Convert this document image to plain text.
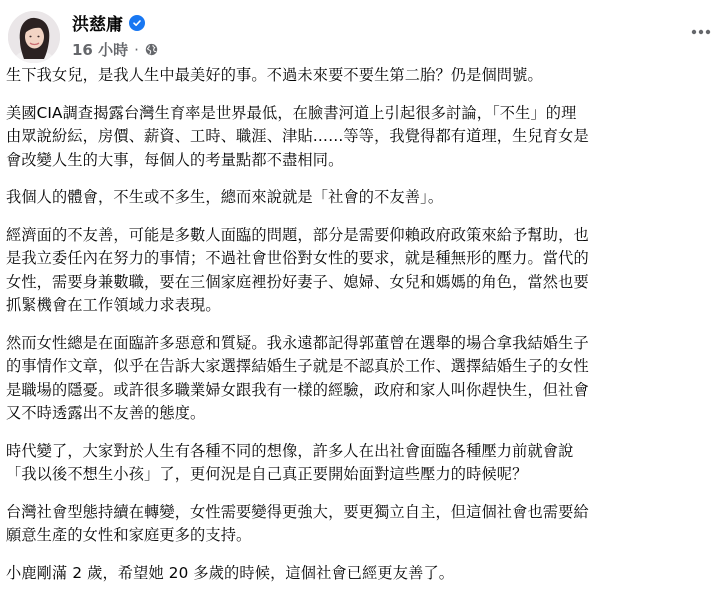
洪慈庸
16 小時 ·

生下我女兒，是我人生中最美好的事。不過未來要不要生第二胎？仍是個問號。

美國CIA調查揭露台灣生育率是世界最低，在臉書河道上引起很多討論，「不生」的理
由眾說紛紜，房價、薪資、工時、職涯、津貼……等等，我覺得都有道理，生兒育女是
會改變人生的大事，每個人的考量點都不盡相同。

我個人的體會，不生或不多生，總而來說就是「社會的不友善」。

經濟面的不友善，可能是多數人面臨的問題，部分是需要仰賴政府政策來給予幫助，也
是我立委任內在努力的事情；不過社會世俗對女性的要求，就是種無形的壓力。當代的
女性，需要身兼數職，要在三個家庭裡扮好妻子、媳婦、女兒和媽媽的角色，當然也要
抓緊機會在工作領域力求表現。

然而女性總是在面臨許多惡意和質疑。我永遠都記得郭董曾在選舉的場合拿我結婚生子
的事情作文章，似乎在告訴大家選擇結婚生子就是不認真於工作、選擇結婚生子的女性
是職場的隱憂。或許很多職業婦女跟我有一樣的經驗，政府和家人叫你趕快生，但社會
又不時透露出不友善的態度。

時代變了，大家對於人生有各種不同的想像，許多人在出社會面臨各種壓力前就會說
「我以後不想生小孩」了，更何況是自己真正要開始面對這些壓力的時候呢？

台灣社會型態持續在轉變，女性需要變得更強大，要更獨立自主，但這個社會也需要給
願意生產的女性和家庭更多的支持。

小鹿剛滿 2 歲，希望她 20 多歲的時候，這個社會已經更友善了。
